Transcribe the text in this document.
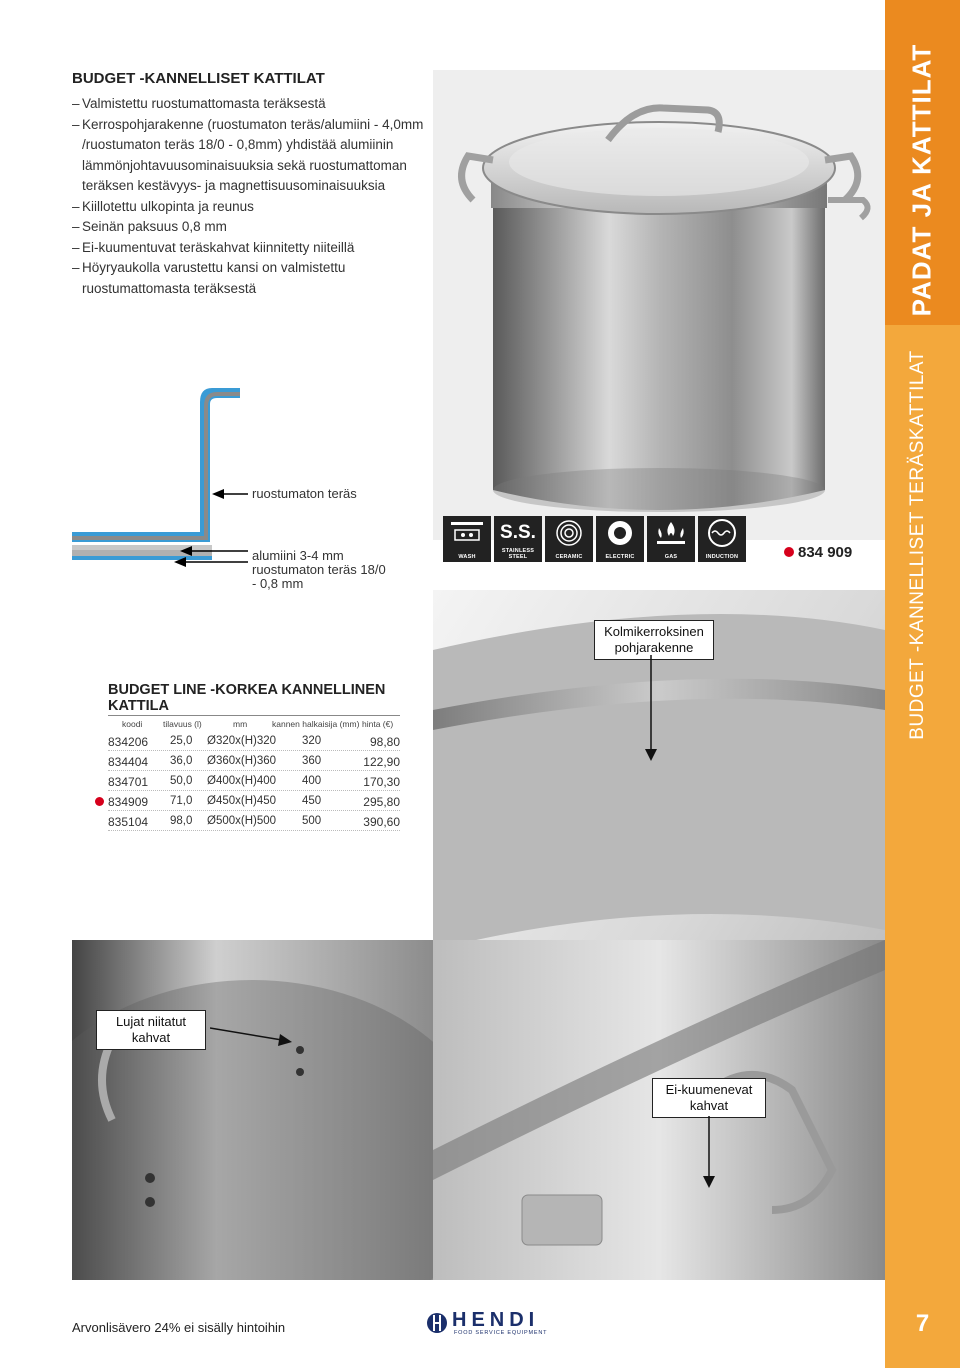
PADAT JA KATTILAT
BUDGET -KANNELLISET TERÄSKATTILAT
7
BUDGET -KANNELLISET KATTILAT
– Valmistettu ruostumattomasta teräksestä
– Kerrospohjarakenne (ruostumaton teräs/alumiini - 4,0mm /ruostumaton teräs 18/0 - 0,8mm) yhdistää alumiinin lämmönjohtavuusominaisuuksia sekä ruostumattoman teräksen kestävyys- ja magnettisuusominaisuuksia
– Kiillotettu ulkopinta ja reunus
– Seinän paksuus 0,8 mm
– Ei-kuumentuvat teräskahvat kiinnitetty niiteillä
– Höyryaukolla varustettu kansi on valmistettu ruostumattomasta teräksestä
ruostumaton teräs
alumiini 3-4 mm
ruostumaton teräs 18/0
- 0,8 mm
BUDGET LINE -KORKEA KANNELLINEN KATTILA
koodi tilavuus (l)	mm	kannen halkaisija (mm) hinta (€)
834206 25,0 Ø320x(H)320 320	98,80
834404 36,0 Ø360x(H)360 360	122,90
834701 50,0 Ø400x(H)400 400	170,30
834909 71,0 Ø450x(H)450 450	295,80
835104 98,0 Ø500x(H)500 500	390,60
WASH
S.S.
STAINLESS STEEL	CERAMIC	ELECTRIC	GAS	INDUCTION	834 909
Kolmikerroksinen pohjarakenne
Lujat niitatut kahvat
Ei-kuumenevat kahvat
Arvonlisävero 24% ei sisälly hintoihin	HENDI
FOOD SERVICE EQUIPMENT
